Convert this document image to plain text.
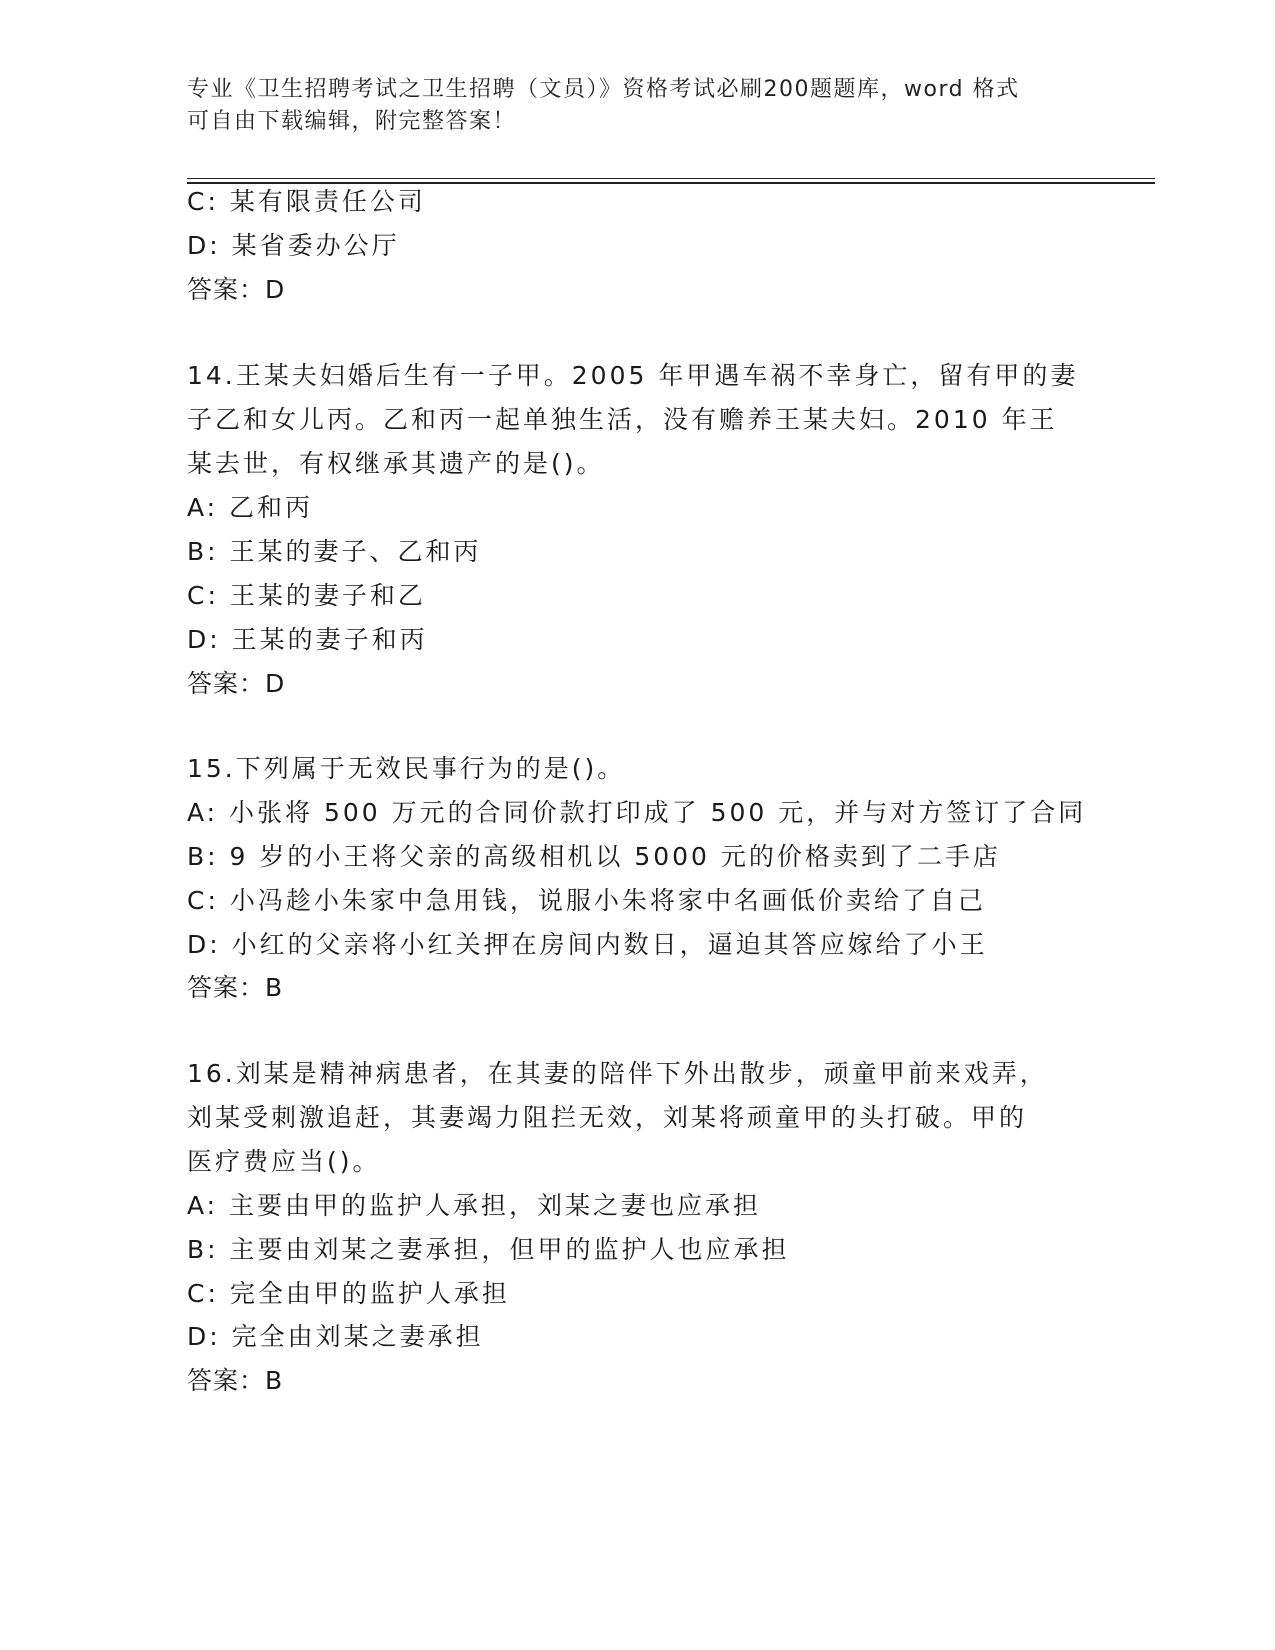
专业《卫生招聘考试之卫生招聘（文员）》资格考试必刷200题题库，word 格式
可自由下载编辑，附完整答案！
C: 某有限责任公司
D: 某省委办公厅
答案：D
14.王某夫妇婚后生有一子甲。2005 年甲遇车祸不幸身亡，留有甲的妻
子乙和女儿丙。乙和丙一起单独生活，没有赡养王某夫妇。2010 年王
某去世，有权继承其遗产的是()。
A: 乙和丙
B: 王某的妻子、乙和丙
C: 王某的妻子和乙
D: 王某的妻子和丙
答案：D
15.下列属于无效民事行为的是()。
A: 小张将 500 万元的合同价款打印成了 500 元，并与对方签订了合同
B: 9 岁的小王将父亲的高级相机以 5000 元的价格卖到了二手店
C: 小冯趁小朱家中急用钱，说服小朱将家中名画低价卖给了自己
D: 小红的父亲将小红关押在房间内数日，逼迫其答应嫁给了小王
答案：B
16.刘某是精神病患者，在其妻的陪伴下外出散步，顽童甲前来戏弄，
刘某受刺激追赶，其妻竭力阻拦无效，刘某将顽童甲的头打破。甲的
医疗费应当()。
A: 主要由甲的监护人承担，刘某之妻也应承担
B: 主要由刘某之妻承担，但甲的监护人也应承担
C: 完全由甲的监护人承担
D: 完全由刘某之妻承担
答案：B
